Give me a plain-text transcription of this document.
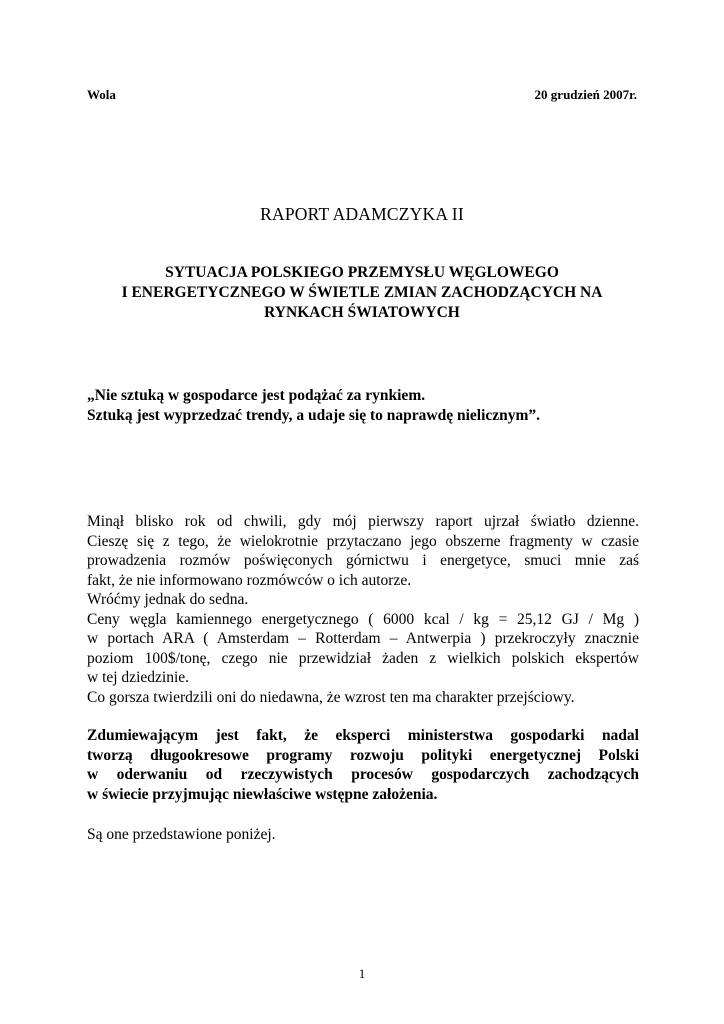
Wola	20 grudzień 2007r.
RAPORT ADAMCZYKA II
SYTUACJA POLSKIEGO PRZEMYSŁU WĘGLOWEGO
I ENERGETYCZNEGO W ŚWIETLE ZMIAN ZACHODZĄCYCH NA
RYNKACH ŚWIATOWYCH
„Nie sztuką w gospodarce jest podążać za rynkiem.
Sztuką jest wyprzedzać trendy, a udaje się to naprawdę nielicznym”.
Minął blisko rok od chwili, gdy mój pierwszy raport ujrzał światło dzienne.
Cieszę się z tego, że wielokrotnie przytaczano jego obszerne fragmenty w czasie
prowadzenia rozmów poświęconych górnictwu i energetyce, smuci mnie zaś
fakt, że nie informowano rozmówców o ich autorze.
Wróćmy jednak do sedna.
Ceny węgla kamiennego energetycznego ( 6000 kcal / kg = 25,12 GJ / Mg )
w portach ARA ( Amsterdam – Rotterdam – Antwerpia ) przekroczyły znacznie
poziom 100$/tonę, czego nie przewidział żaden z wielkich polskich ekspertów
w tej dziedzinie.
Co gorsza twierdzili oni do niedawna, że wzrost ten ma charakter przejściowy.
Zdumiewającym jest fakt, że eksperci ministerstwa gospodarki nadal
tworzą długookresowe programy rozwoju polityki energetycznej Polski
w oderwaniu od rzeczywistych procesów gospodarczych zachodzących
w świecie przyjmując niewłaściwe wstępne założenia.
Są one przedstawione poniżej.
1
